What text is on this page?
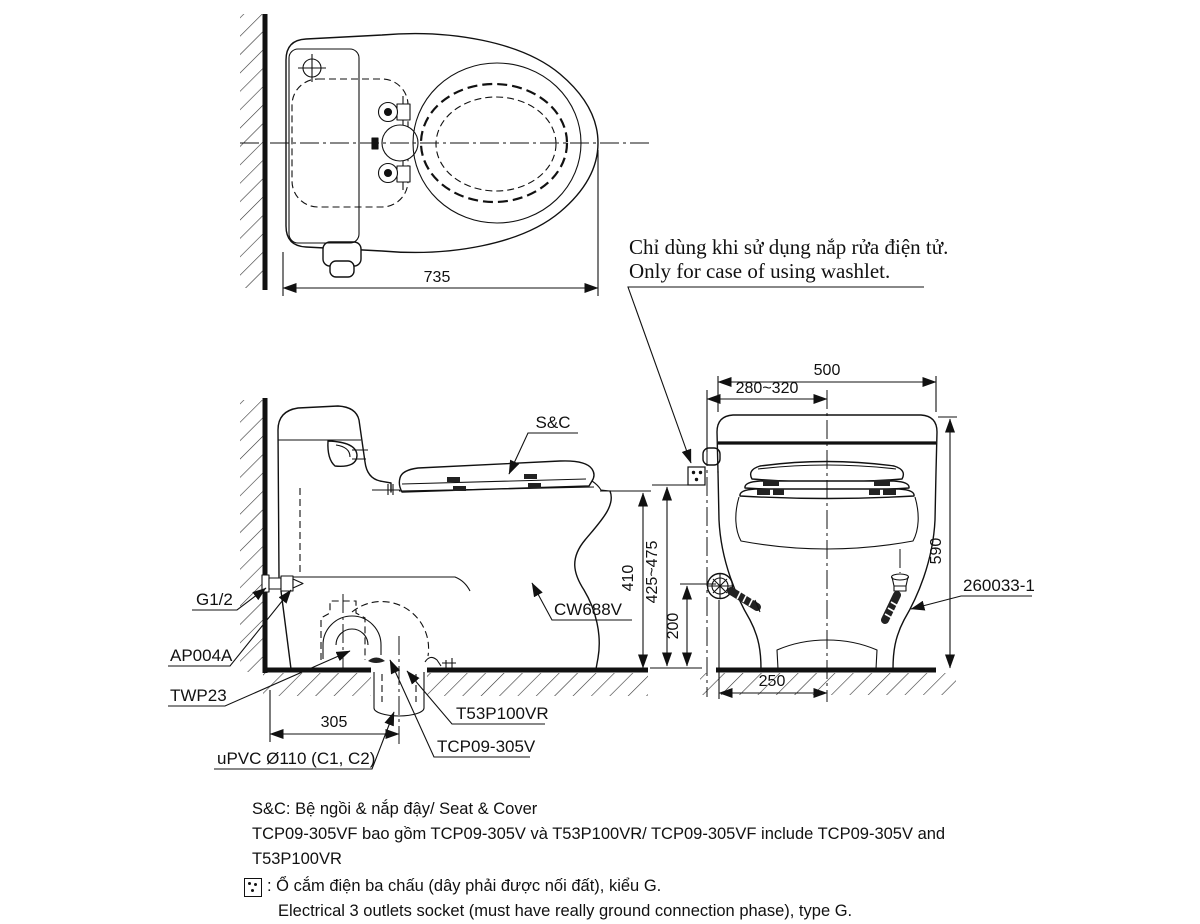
735
S&C
CW688V
G1/2
AP004A
TWP23
T53P100VR
TCP09-305V
uPVC Ø110 (C1, C2)
305
410
500
280~320
590
425~475
200
250
260033-1
Chỉ dùng khi sử dụng nắp rửa điện tử.
Only for case of using washlet.
S&C: Bệ ngồi & nắp đậy/ Seat & Cover
TCP09-305VF bao gồm TCP09-305V và T53P100VR/ TCP09-305VF include TCP09-305V and T53P100VR
: Ổ cắm điện ba chấu (dây phải được nối đất), kiểu G.
Electrical 3 outlets socket (must have really ground connection phase), type G.
